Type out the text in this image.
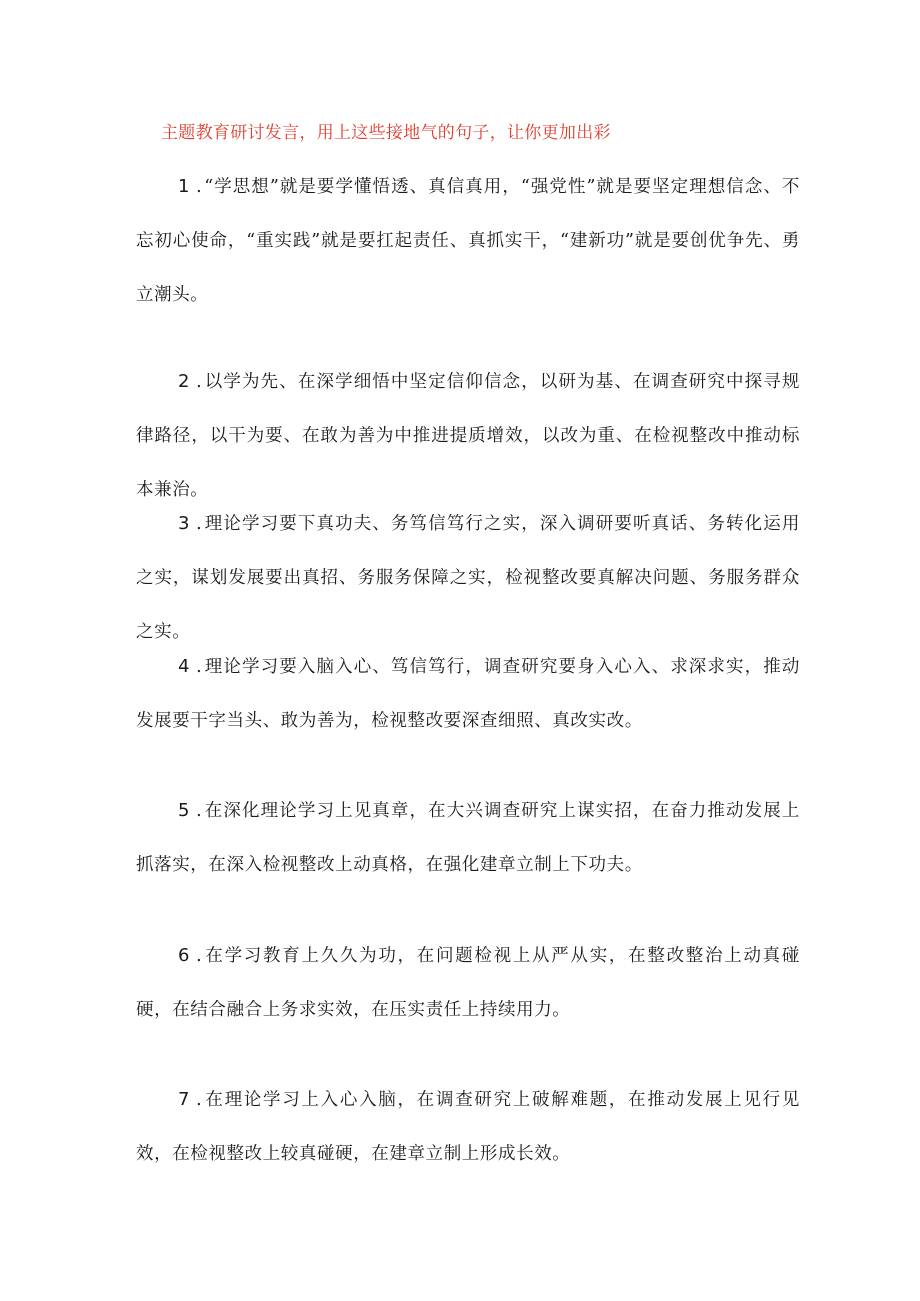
主题教育研讨发言，用上这些接地气的句子，让你更加出彩
1 . “学思想”就是要学懂悟透、真信真用，“强党性”就是要坚定理想信念、不忘初心使命，“重实践”就是要扛起责任、真抓实干，“建新功”就是要创优争先、勇立潮头。
2 . 以学为先、在深学细悟中坚定信仰信念，以研为基、在调查研究中探寻规律路径，以干为要、在敢为善为中推进提质增效，以改为重、在检视整改中推动标本兼治。
3 . 理论学习要下真功夫、务笃信笃行之实，深入调研要听真话、务转化运用之实，谋划发展要出真招、务服务保障之实，检视整改要真解决问题、务服务群众之实。
4 . 理论学习要入脑入心、笃信笃行，调查研究要身入心入、求深求实，推动发展要干字当头、敢为善为，检视整改要深查细照、真改实改。
5 . 在深化理论学习上见真章，在大兴调查研究上谋实招，在奋力推动发展上抓落实，在深入检视整改上动真格，在强化建章立制上下功夫。
6 . 在学习教育上久久为功，在问题检视上从严从实，在整改整治上动真碰硬，在结合融合上务求实效，在压实责任上持续用力。
7 . 在理论学习上入心入脑，在调查研究上破解难题，在推动发展上见行见效，在检视整改上较真碰硬，在建章立制上形成长效。
